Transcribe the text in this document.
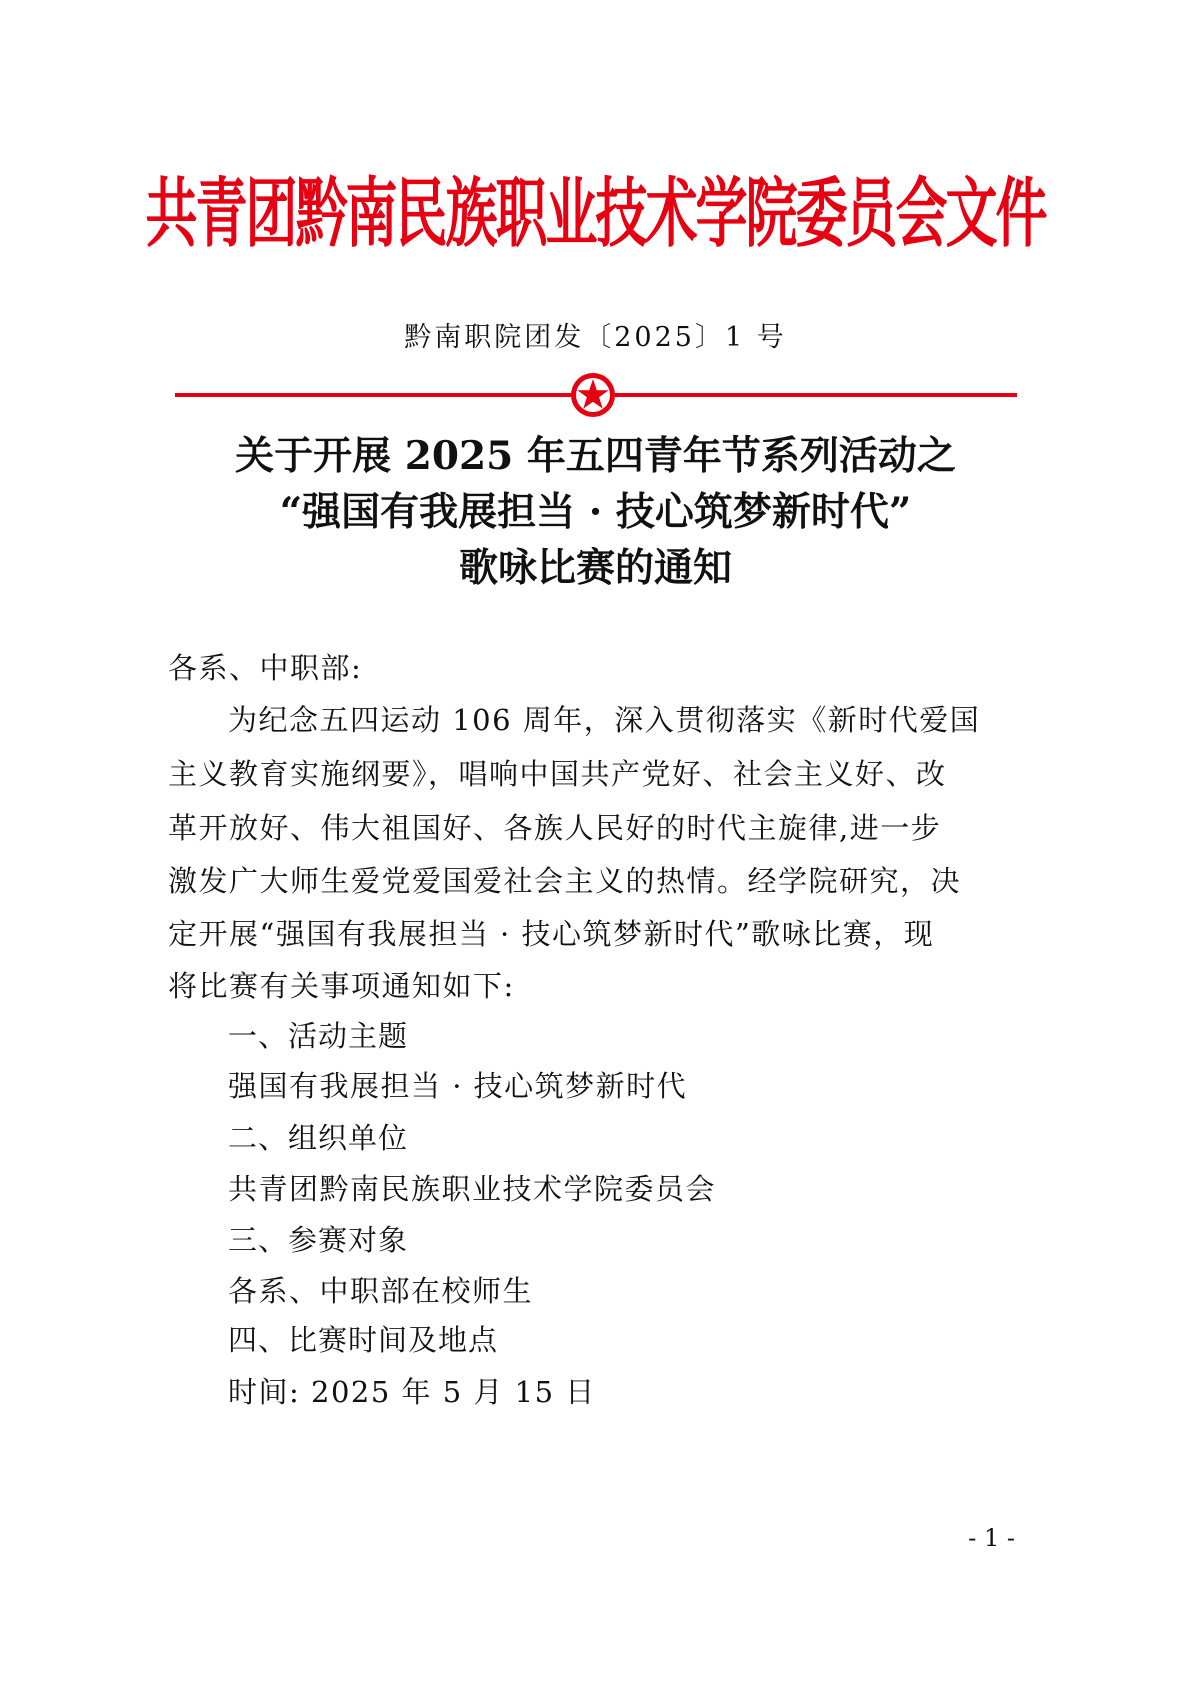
共青团黔南民族职业技术学院委员会文件
黔南职院团发〔2025〕1 号
关于开展 2025 年五四青年节系列活动之
“强国有我展担当 · 技心筑梦新时代”
歌咏比赛的通知
各系、中职部:
为纪念五四运动 106 周年，深入贯彻落实《新时代爱国
主义教育实施纲要》，唱响中国共产党好、社会主义好、改
革开放好、伟大祖国好、各族人民好的时代主旋律,进一步
激发广大师生爱党爱国爱社会主义的热情。经学院研究，决
定开展“强国有我展担当 · 技心筑梦新时代”歌咏比赛，现
将比赛有关事项通知如下:
一、活动主题
强国有我展担当 · 技心筑梦新时代
二、组织单位
共青团黔南民族职业技术学院委员会
三、参赛对象
各系、中职部在校师生
四、比赛时间及地点
时间: 2025 年 5 月 15 日
- 1 -
